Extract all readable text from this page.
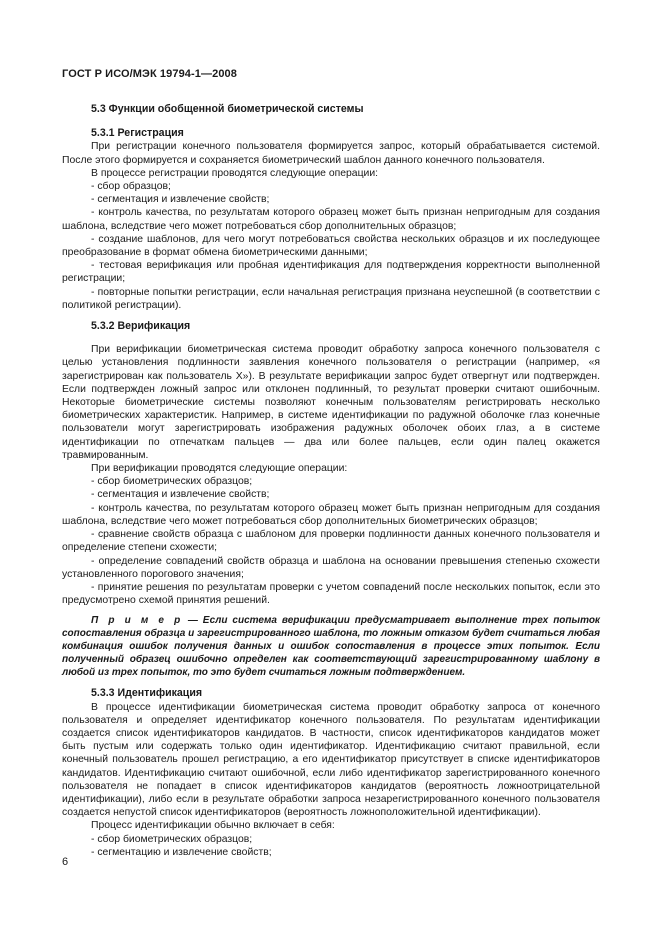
ГОСТ Р ИСО/МЭК 19794-1—2008
5.3 Функции обобщенной биометрической системы
5.3.1 Регистрация

При регистрации конечного пользователя формируется запрос, который обрабатывается системой. После этого формируется и сохраняется биометрический шаблон данного конечного пользователя.

В процессе регистрации проводятся следующие операции:

- сбор образцов;

- сегментация и извлечение свойств;

- контроль качества, по результатам которого образец может быть признан непригодным для создания шаблона, вследствие чего может потребоваться сбор дополнительных образцов;

- создание шаблонов, для чего могут потребоваться свойства нескольких образцов и их последующее преобразование в формат обмена биометрическими данными;

- тестовая верификация или пробная идентификация для подтверждения корректности выполненной регистрации;

- повторные попытки регистрации, если начальная регистрация признана неуспешной (в соответствии с политикой регистрации).

5.3.2 Верификация

При верификации биометрическая система проводит обработку запроса конечного пользователя с целью установления подлинности заявления конечного пользователя о регистрации (например, «я зарегистрирован как пользователь X»). В результате верификации запрос будет отвергнут или подтвержден. Если подтвержден ложный запрос или отклонен подлинный, то результат проверки считают ошибочным. Некоторые биометрические системы позволяют конечным пользователям регистрировать несколько биометрических характеристик. Например, в системе идентификации по радужной оболочке глаз конечные пользователи могут зарегистрировать изображения радужных оболочек обоих глаз, а в системе идентификации по отпечаткам пальцев — два или более пальцев, если один палец окажется травмированным.

При верификации проводятся следующие операции:

- сбор биометрических образцов;

- сегментация и извлечение свойств;

- контроль качества, по результатам которого образец может быть признан непригодным для создания шаблона, вследствие чего может потребоваться сбор дополнительных биометрических образцов;

- сравнение свойств образца с шаблоном для проверки подлинности данных конечного пользователя и определение степени схожести;

- определение совпадений свойств образца и шаблона на основании превышения степенью схожести установленного порогового значения;

- принятие решения по результатам проверки с учетом совпадений после нескольких попыток, если это предусмотрено схемой принятия решений.

П р и м е р — Если система верификации предусматривает выполнение трех попыток сопоставления образца и зарегистрированного шаблона, то ложным отказом будет считаться любая комбинация ошибок получения данных и ошибок сопоставления в процессе этих попыток. Если полученный образец ошибочно определен как соответствующий зарегистрированному шаблону в любой из трех попыток, то это будет считаться ложным подтверждением.

5.3.3 Идентификация

В процессе идентификации биометрическая система проводит обработку запроса от конечного пользователя и определяет идентификатор конечного пользователя. По результатам идентификации создается список идентификаторов кандидатов. В частности, список идентификаторов кандидатов может быть пустым или содержать только один идентификатор. Идентификацию считают правильной, если конечный пользователь прошел регистрацию, а его идентификатор присутствует в списке идентификаторов кандидатов. Идентификацию считают ошибочной, если либо идентификатор зарегистрированного конечного пользователя не попадает в список идентификаторов кандидатов (вероятность ложноотрицательной идентификации), либо если в результате обработки запроса незарегистрированного конечного пользователя создается непустой список идентификаторов (вероятность ложноположительной идентификации).

Процесс идентификации обычно включает в себя:

- сбор биометрических образцов;

- сегментацию и извлечение свойств;

6
